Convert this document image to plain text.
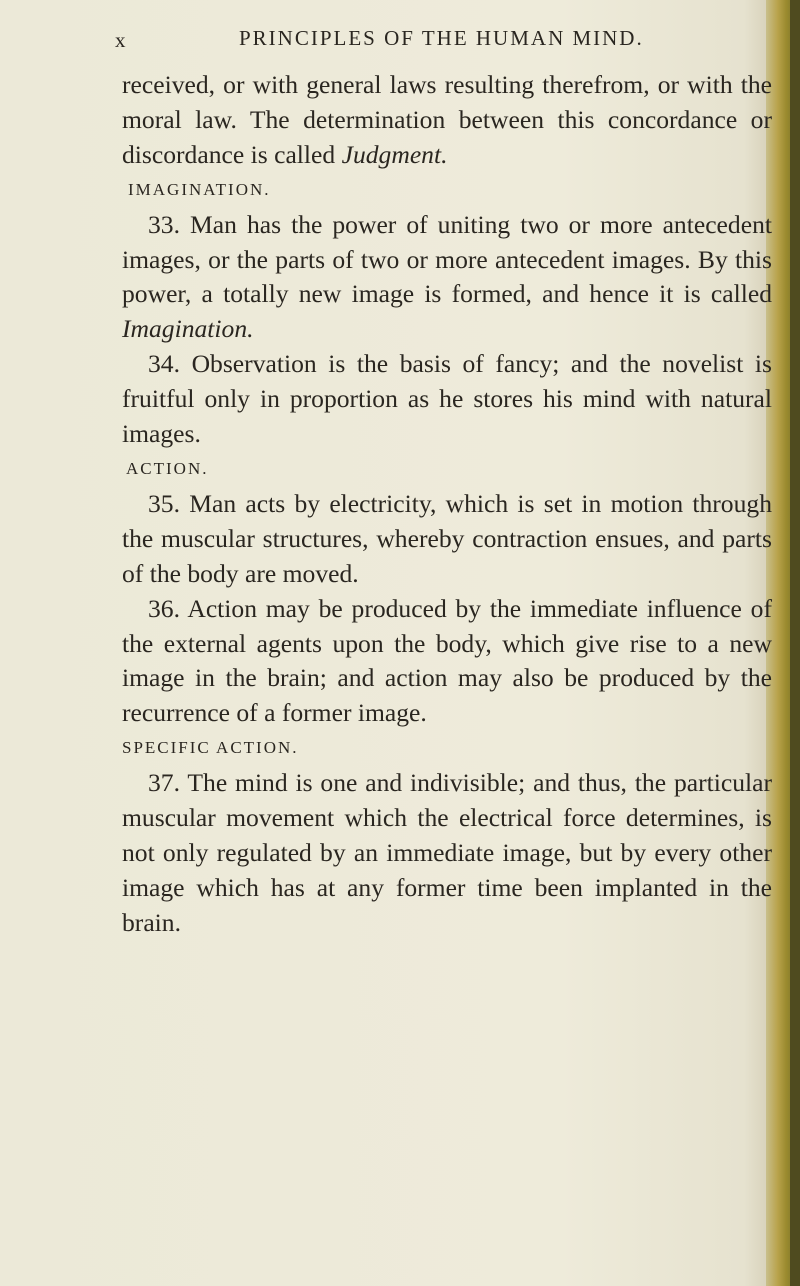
x	PRINCIPLES OF THE HUMAN MIND.

received, or with general laws resulting therefrom, or with the moral law. The determination between this concordance or discordance is called Judgment.

IMAGINATION.

33. Man has the power of uniting two or more antecedent images, or the parts of two or more antecedent images. By this power, a totally new image is formed, and hence it is called Imagination.

34. Observation is the basis of fancy; and the novelist is fruitful only in proportion as he stores his mind with natural images.

ACTION.

35. Man acts by electricity, which is set in motion through the muscular structures, whereby contraction ensues, and parts of the body are moved.

36. Action may be produced by the immediate influence of the external agents upon the body, which give rise to a new image in the brain; and action may also be produced by the recurrence of a former image.

SPECIFIC ACTION.

37. The mind is one and indivisible; and thus, the particular muscular movement which the electrical force determines, is not only regulated by an immediate image, but by every other image which has at any former time been implanted in the brain.
